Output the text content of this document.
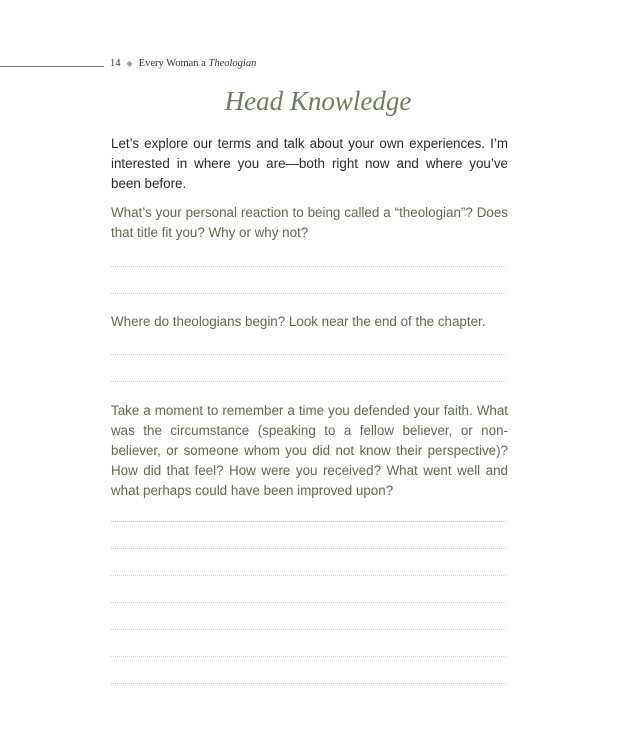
14 ◆ Every Woman a Theologian
Head Knowledge

Let’s explore our terms and talk about your own experiences. I’m interested in where you are—both right now and where you’ve been before.

What’s your personal reaction to being called a “theologian”? Does that title fit you? Why or why not?

Where do theologians begin? Look near the end of the chapter.

Take a moment to remember a time you defended your faith. What was the circumstance (speaking to a fellow believer, or non-believer, or someone whom you did not know their perspective)? How did that feel? How were you received? What went well and what perhaps could have been improved upon?
